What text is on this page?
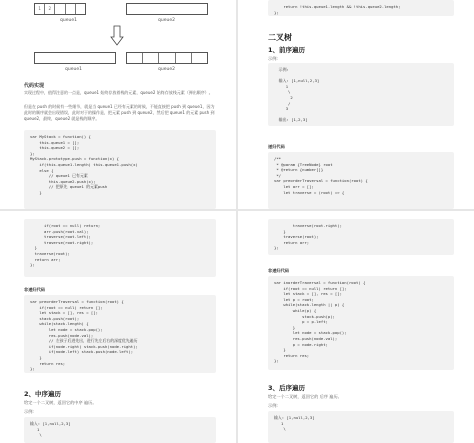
1	2
queue1	queue2
queue1	queue2
代码实现
实现过程中，值得注意的一点是，queue1 始终存放着栈的元素，queue2 始终存放栈元素（弹出顺序）。
但是在 push 的时候有一些细节，就是当 queue1 已经有元素的时候，不能直接把 push 到 queue1，因为此时的顺序就会出现错误，此时对于的操作是，把元素 push 到 queue2，然后把 queue1 的元素 push 到 queue2，最终，queue2 就是栈的顺序。
var MyStack = function() {
this.queue1 = [];
this.queue2 = [];
};
MyStack.prototype.push = function(x) {
if(this.queue1.length) this.queue1.push(x)
else {
// queue1 已有元素
this.queue2.push(x);
// 把原先 queue1 的元素push
}
return !this.queue1.length && !this.queue2.length;
};
二叉树
1、前序遍历
示例:
示例:

输入: [1,null,2,3]
1
\
2
/
3

输出: [1,2,3]
递归代码
/**
* @param {TreeNode} root
* @return {number[]}
*/
var preorderTraversal = function(root) {
let arr = [];
let traverse = (root) => {
if(root == null) return;
arr.push(root.val);
traverse(root.left);
traverse(root.right);
}
traverse(root);
return arr;
};
非递归代码
var preorderTraversal = function(root) {
if(root == null) return [];
let stack = [], res = [];
stack.push(root);
while(stack.length) {
let node = stack.pop();
res.push(node.val);
// 左孩子后进先出，进行先左后右的深度优先遍历
if(node.right) stack.push(node.right);
if(node.left) stack.push(node.left);
}
return res;
};
2、中序遍历
给定一个二叉树，返回它的中序 遍历。
示例:
输入: [1,null,2,3]
1
\
traverse(root.right);
}
traverse(root);
return arr;
};
非递归代码
var inorderTraversal = function(root) {
if(root == null) return [];
let stack = [], res = [];
let p = root;
while(stack.length || p) {
while(p) {
stack.push(p);
p = p.left;
}
let node = stack.pop();
res.push(node.val);
p = node.right;
}
return res;
};
3、后序遍历
给定一个二叉树，返回它的 后序 遍历。
示例:
输入: [1,null,2,3]
1
\
